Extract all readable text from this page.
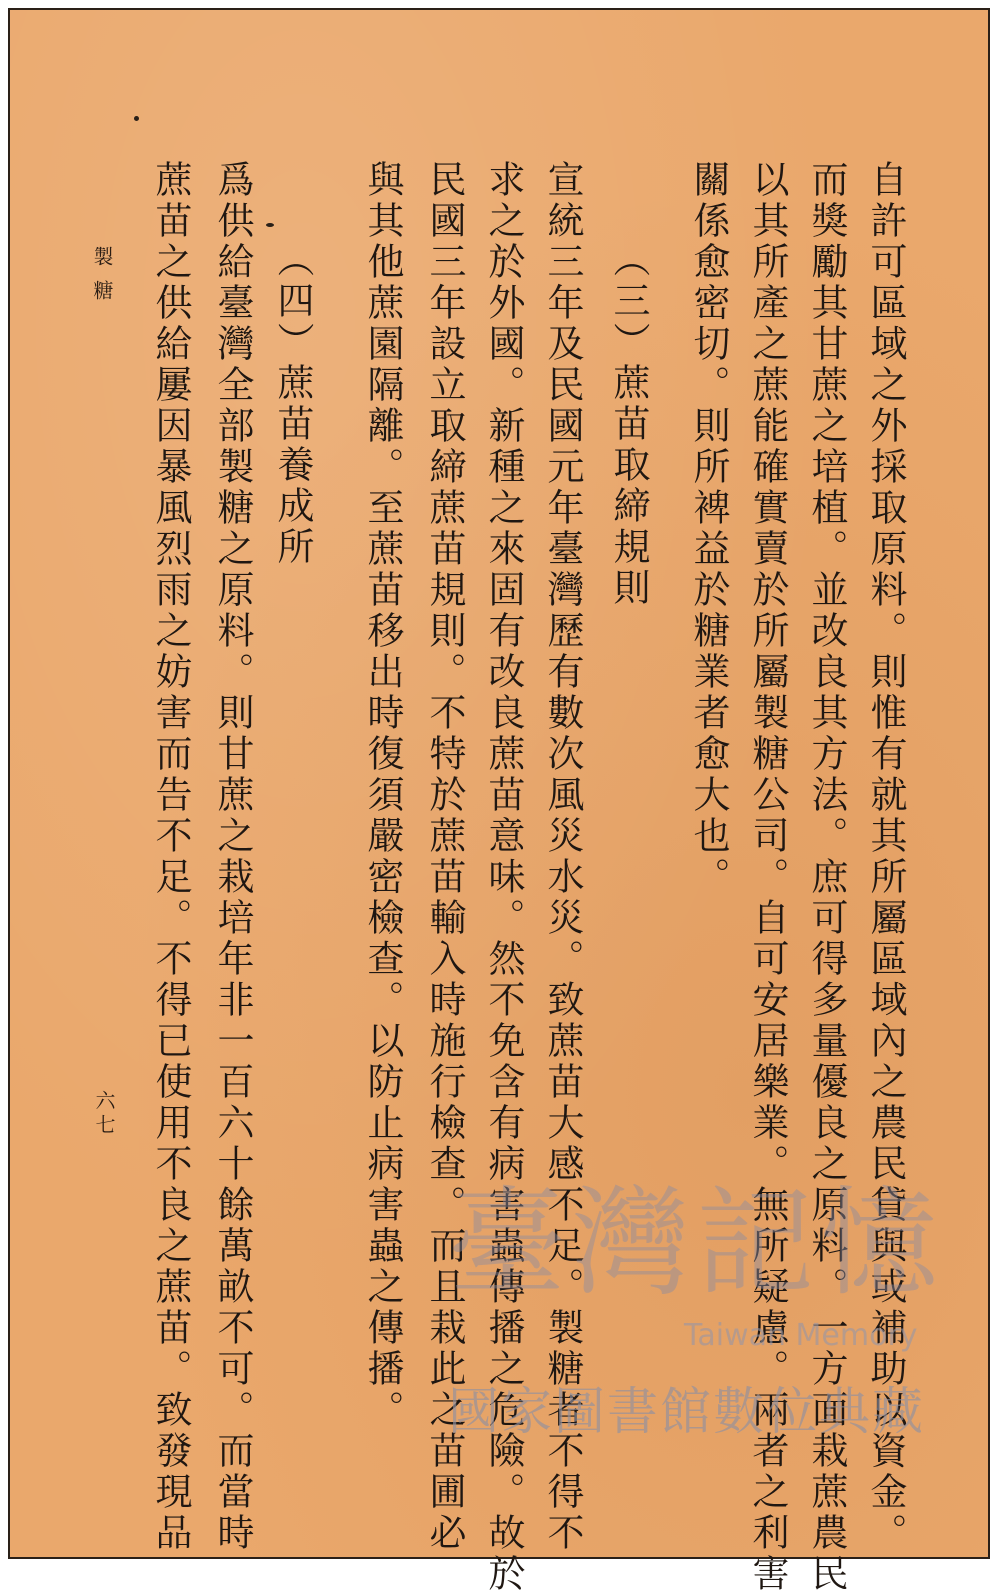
自許可區域之外採取原料。則惟有就其所屬區域內之農民貸與或補助以資金。
而獎勵其甘蔗之培植。並改良其方法。庶可得多量優良之原料。一方面栽蔗農民
以其所產之蔗能確實賣於所屬製糖公司。自可安居樂業。無所疑慮。兩者之利害
關係愈密切。則所裨益於糖業者愈大也。
（三）蔗苗取締規則
宣統三年及民國元年臺灣歷有數次風災水災。致蔗苗大感不足。製糖者不得不
求之於外國。新種之來固有改良蔗苗意味。然不免含有病害蟲傳播之危險。故於
民國三年設立取締蔗苗規則。不特於蔗苗輸入時施行檢查。而且栽此之苗圃必
與其他蔗園隔離。至蔗苗移出時復須嚴密檢查。以防止病害蟲之傳播。
（四）蔗苗養成所
爲供給臺灣全部製糖之原料。則甘蔗之栽培年非一百六十餘萬畝不可。而當時
蔗苗之供給屢因暴風烈雨之妨害而告不足。不得已使用不良之蔗苗。致發現品
製糖
六七
臺灣記憶
Taiwan Memory
國家圖書館數位典藏
